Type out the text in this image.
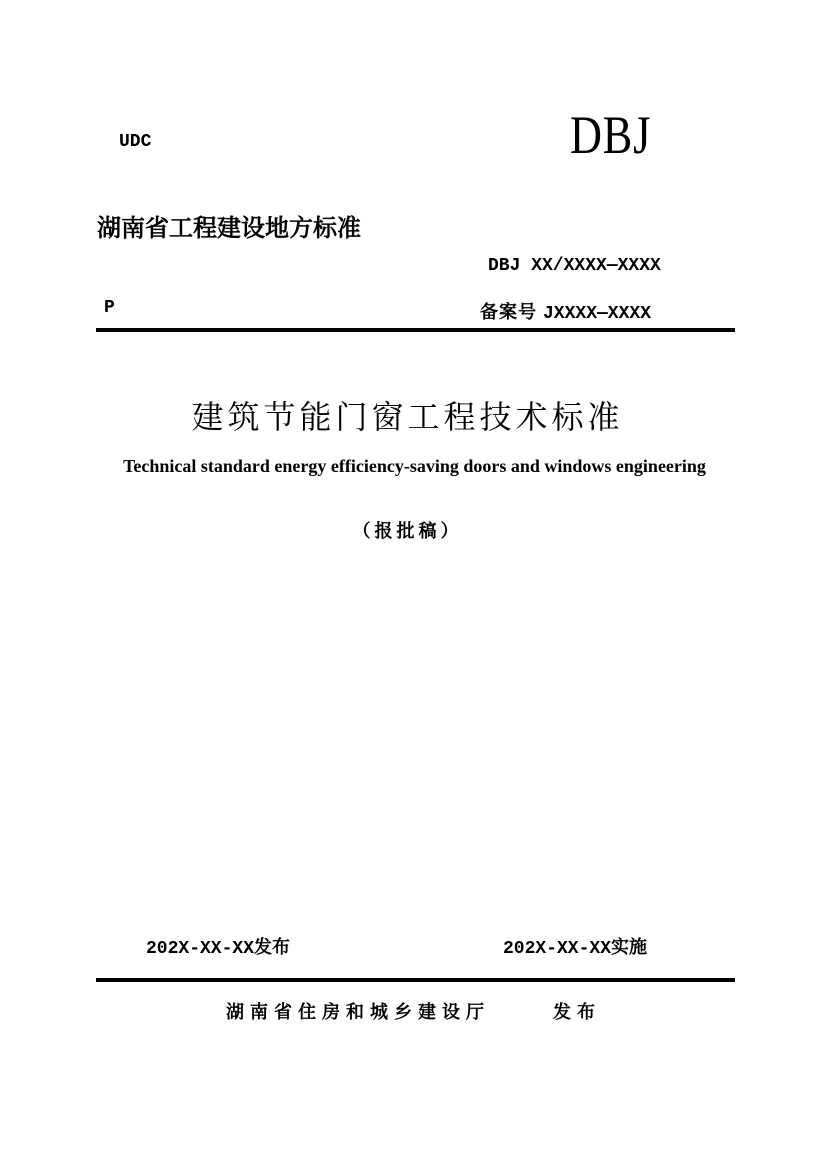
UDC	DBJ
湖南省工程建设地方标准
DBJ XX/XXXX—XXXX
P	备案号 JXXXX—XXXX
建筑节能门窗工程技术标准
Technical standard energy efficiency-saving doors and windows engineering
（报批稿）
202X-XX-XX发布	202X-XX-XX实施
湖南省住房和城乡建设厅	发布
